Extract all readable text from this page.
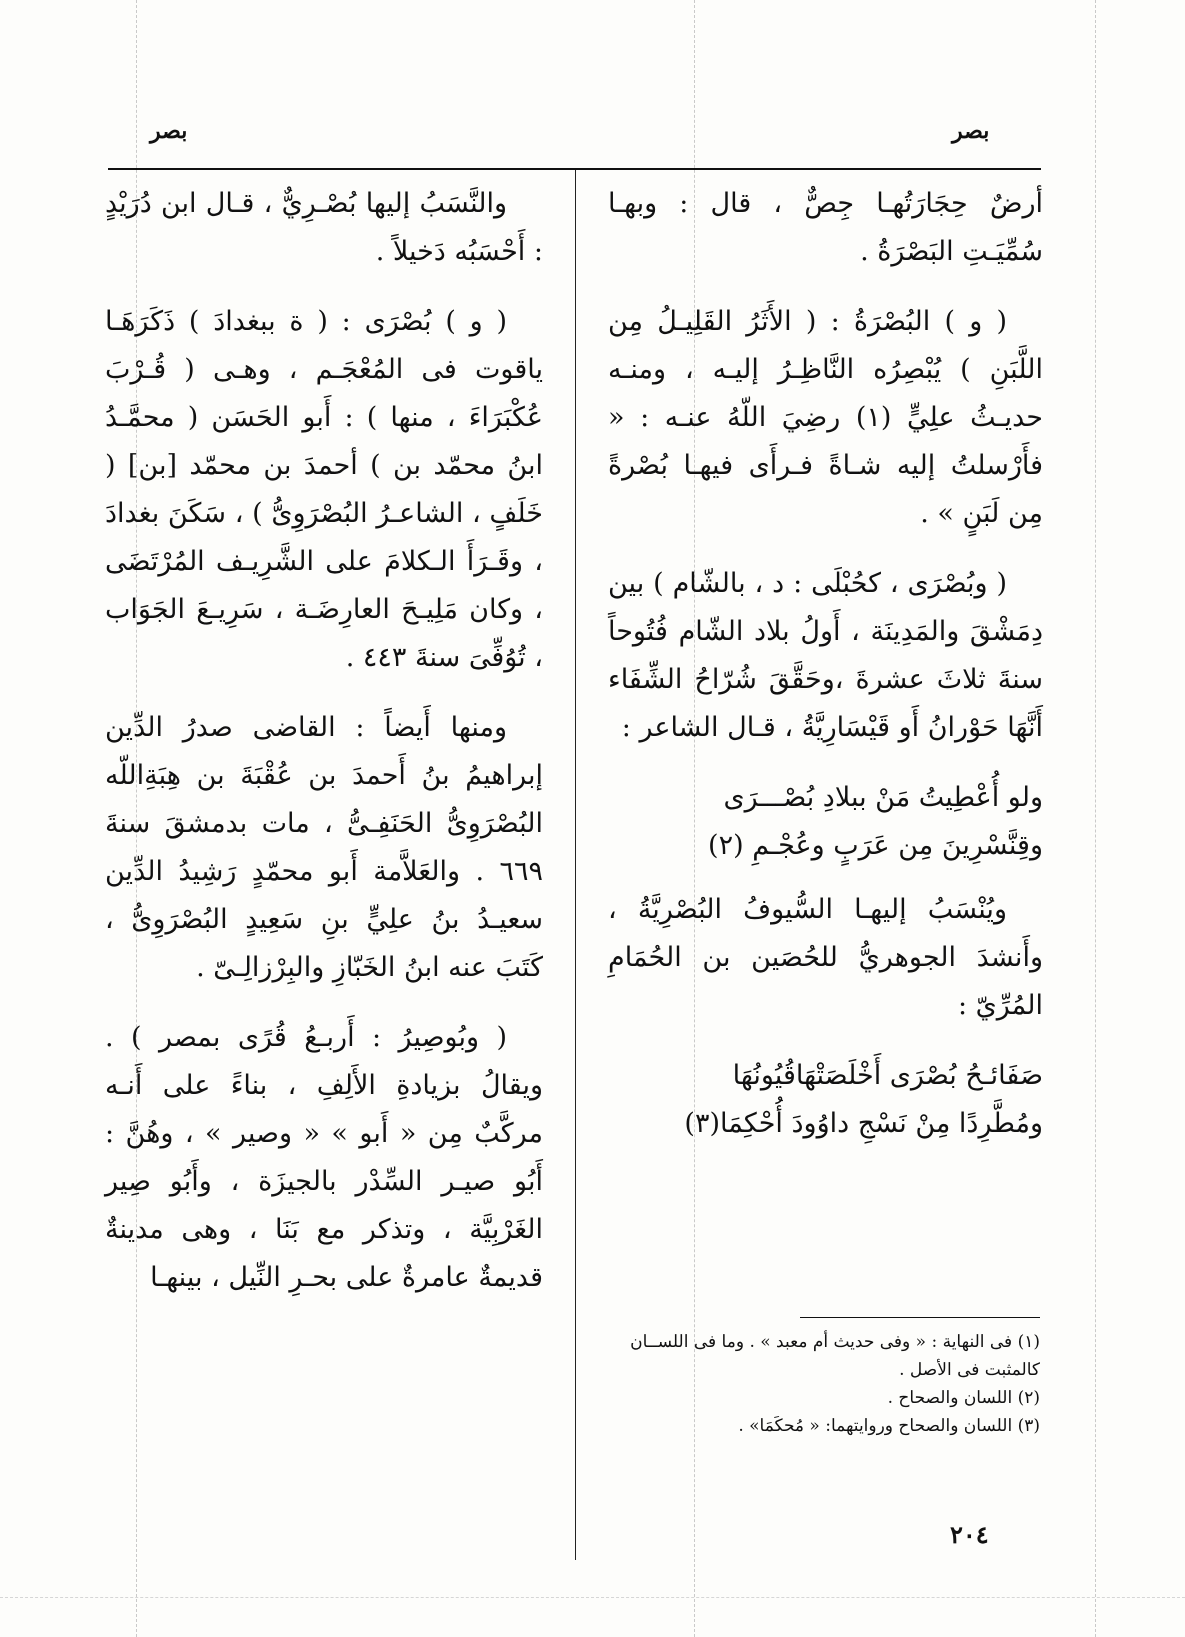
بصر	بصر

أرضٌ حِجَارَتُهـا جِصٌّ ، قال : وبهـا سُمِّيَـتِ البَصْرَةُ .

( و ) البُصْرَةُ : ( الأَثَرُ القَلِيـلُ مِن اللَّبَنِ ) يُبْصِرُه النَّاظِـرُ إليـه ، ومنـه حديـثُ علِيٍّ (١) رضِيَ اللّهُ عنـه : « فأَرْسلتُ إليه شـاةً فـرأَى فيهـا بُصْرةً مِن لَبَنٍ » .

( وبُصْرَى ، كحُبْلَى : د ، بالشّام ) بين دِمَشْقَ والمَدِينَة ، أَولُ بلاد الشّام فُتُوحاً سنةَ ثلاثَ عشرةَ ،وحَقَّقَ شُرّاحُ الشِّفَاء أَنَّهَا حَوْرانُ أَو قَيْسَارِيَّةُ ، قـال الشاعر :

ولو أُعْطِيتُ مَنْ ببلادِ بُصْـــرَى
وقِنَّسْرِينَ مِن عَرَبٍ وعُجْـمِ (٢)

ويُنْسَبُ إليهـا السُّيوفُ البُصْرِيَّةُ ، وأَنشدَ الجوهريُّ للحُصَين بن الحُمَامِ المُرِّيّ :

صَفَائـحُ بُصْرَى أَخْلَصَتْهَاقُيُونُهَا
ومُطَّرِدًا مِنْ نَسْجِ داوُودَ أُحْكِمَا(٣)

والنَّسَبُ إليها بُصْـرِيٌّ ، قـال ابن دُرَيْدٍ : أَحْسَبُه دَخيلاً .

( و ) بُصْرَى : ( ة ببغدادَ ) ذَكَرَهَـا ياقوت فى المُعْجَـم ، وهـى ( قُـرْبَ عُكْبَرَاءَ ، منها ) : أَبو الحَسَن ( محمَّـدُ ابنُ محمّد بن ) أحمدَ بن محمّد [بن] ( خَلَفٍ ، الشاعـرُ البُصْرَوِىُّ ) ، سَكَنَ بغدادَ ، وقَـرَأَ الـكلامَ على الشَّرِيـف المُرْتَضَى ، وكان مَلِيـحَ العارِضَـة ، سَرِيـعَ الجَوَاب ، تُوُفِّىَ سنةَ ٤٤٣ .

ومنها أَيضاً : القاضى صدرُ الدِّين إبراهيمُ بنُ أَحمدَ بن عُقْبَةَ بن هِبَةِاللّه البُصْرَوِىُّ الحَنَفِـىُّ ، مات بدمشقَ سنةَ ٦٦٩ . والعَلاَّمة أَبو محمّدٍ رَشِيدُ الدِّين سعيـدُ بنُ علِيٍّ بنِ سَعِيدٍ البُصْرَوِىُّ ، كَتَبَ عنه ابنُ الخَبّازِ والبِرْزالِـىّ .

( وبُوصِيرُ : أَربـعُ قُرًى بمصر ) . ويقالُ بزيادةِ الأَلِفِ ، بناءً على أَنـه مركَّبٌ مِن « أَبو » « وصير » ، وهُنَّ : أَبُو صيـر السِّدْر بالجيزَة ، وأَبُو صِير الغَرْبِيَّة ، وتذكر مع بَنَا ، وهى مدينةٌ قديمةٌ عامرةٌ على بحـرِ النِّيل ، بينهـا

(١) فى النهاية : « وفى حديث أم معبد » . وما فى اللســان كالمثبت فى الأصل .

(٢) اللسان والصحاح .

(٣) اللسان والصحاح وروايتهما: « مُحكَمَا» .

٢٠٤
